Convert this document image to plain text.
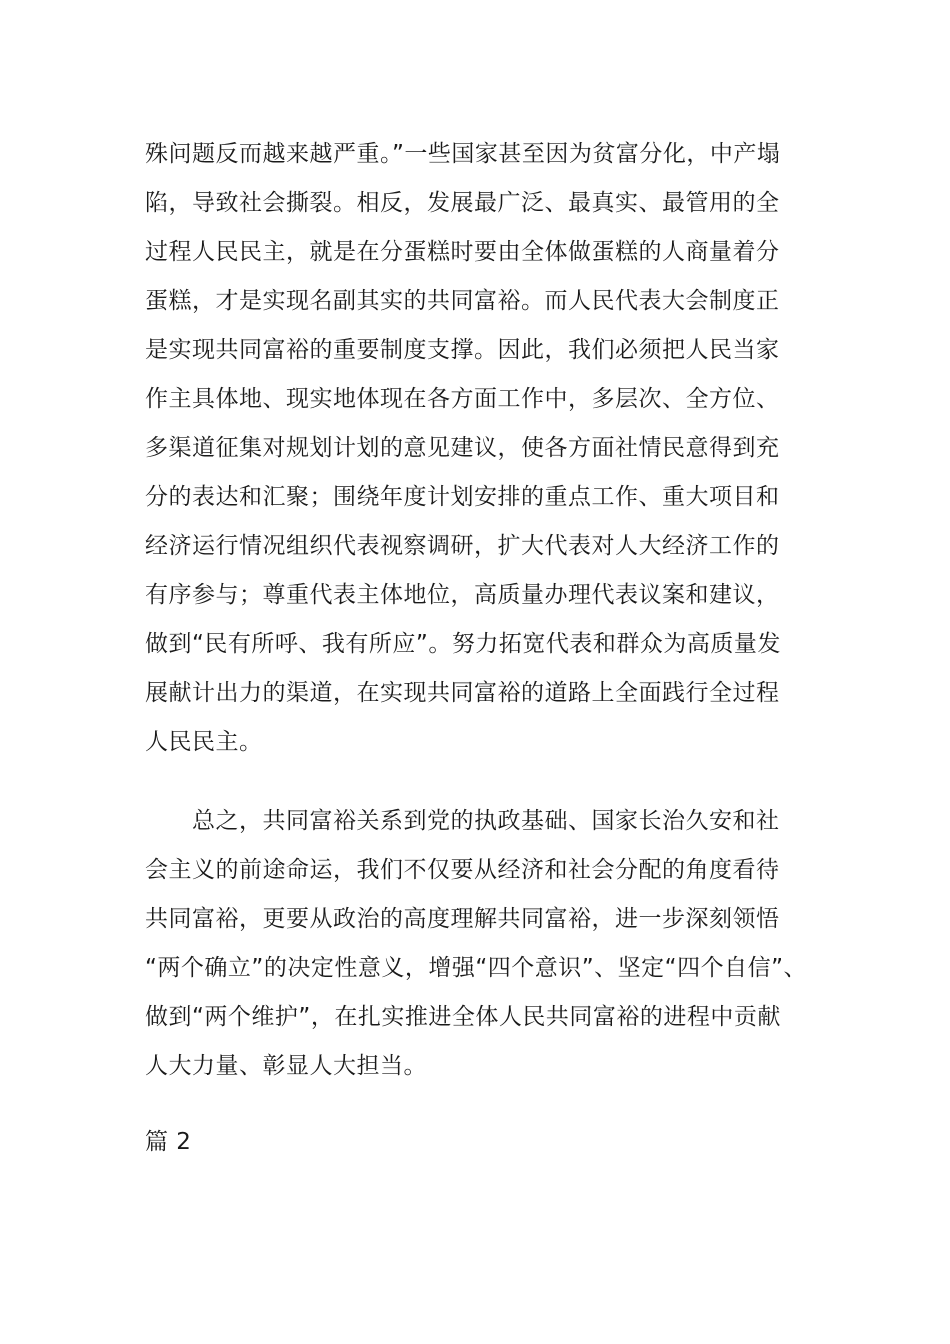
殊问题反而越来越严重。”一些国家甚至因为贫富分化，中产塌
陷，导致社会撕裂。相反，发展最广泛、最真实、最管用的全
过程人民民主，就是在分蛋糕时要由全体做蛋糕的人商量着分
蛋糕，才是实现名副其实的共同富裕。而人民代表大会制度正
是实现共同富裕的重要制度支撑。因此，我们必须把人民当家
作主具体地、现实地体现在各方面工作中，多层次、全方位、
多渠道征集对规划计划的意见建议，使各方面社情民意得到充
分的表达和汇聚；围绕年度计划安排的重点工作、重大项目和
经济运行情况组织代表视察调研，扩大代表对人大经济工作的
有序参与；尊重代表主体地位，高质量办理代表议案和建议，
做到“民有所呼、我有所应”。努力拓宽代表和群众为高质量发
展献计出力的渠道，在实现共同富裕的道路上全面践行全过程
人民民主。
总之，共同富裕关系到党的执政基础、国家长治久安和社
会主义的前途命运，我们不仅要从经济和社会分配的角度看待
共同富裕，更要从政治的高度理解共同富裕，进一步深刻领悟
“两个确立”的决定性意义，增强“四个意识”、坚定“四个自信”、
做到“两个维护”，在扎实推进全体人民共同富裕的进程中贡献
人大力量、彰显人大担当。
篇 2
